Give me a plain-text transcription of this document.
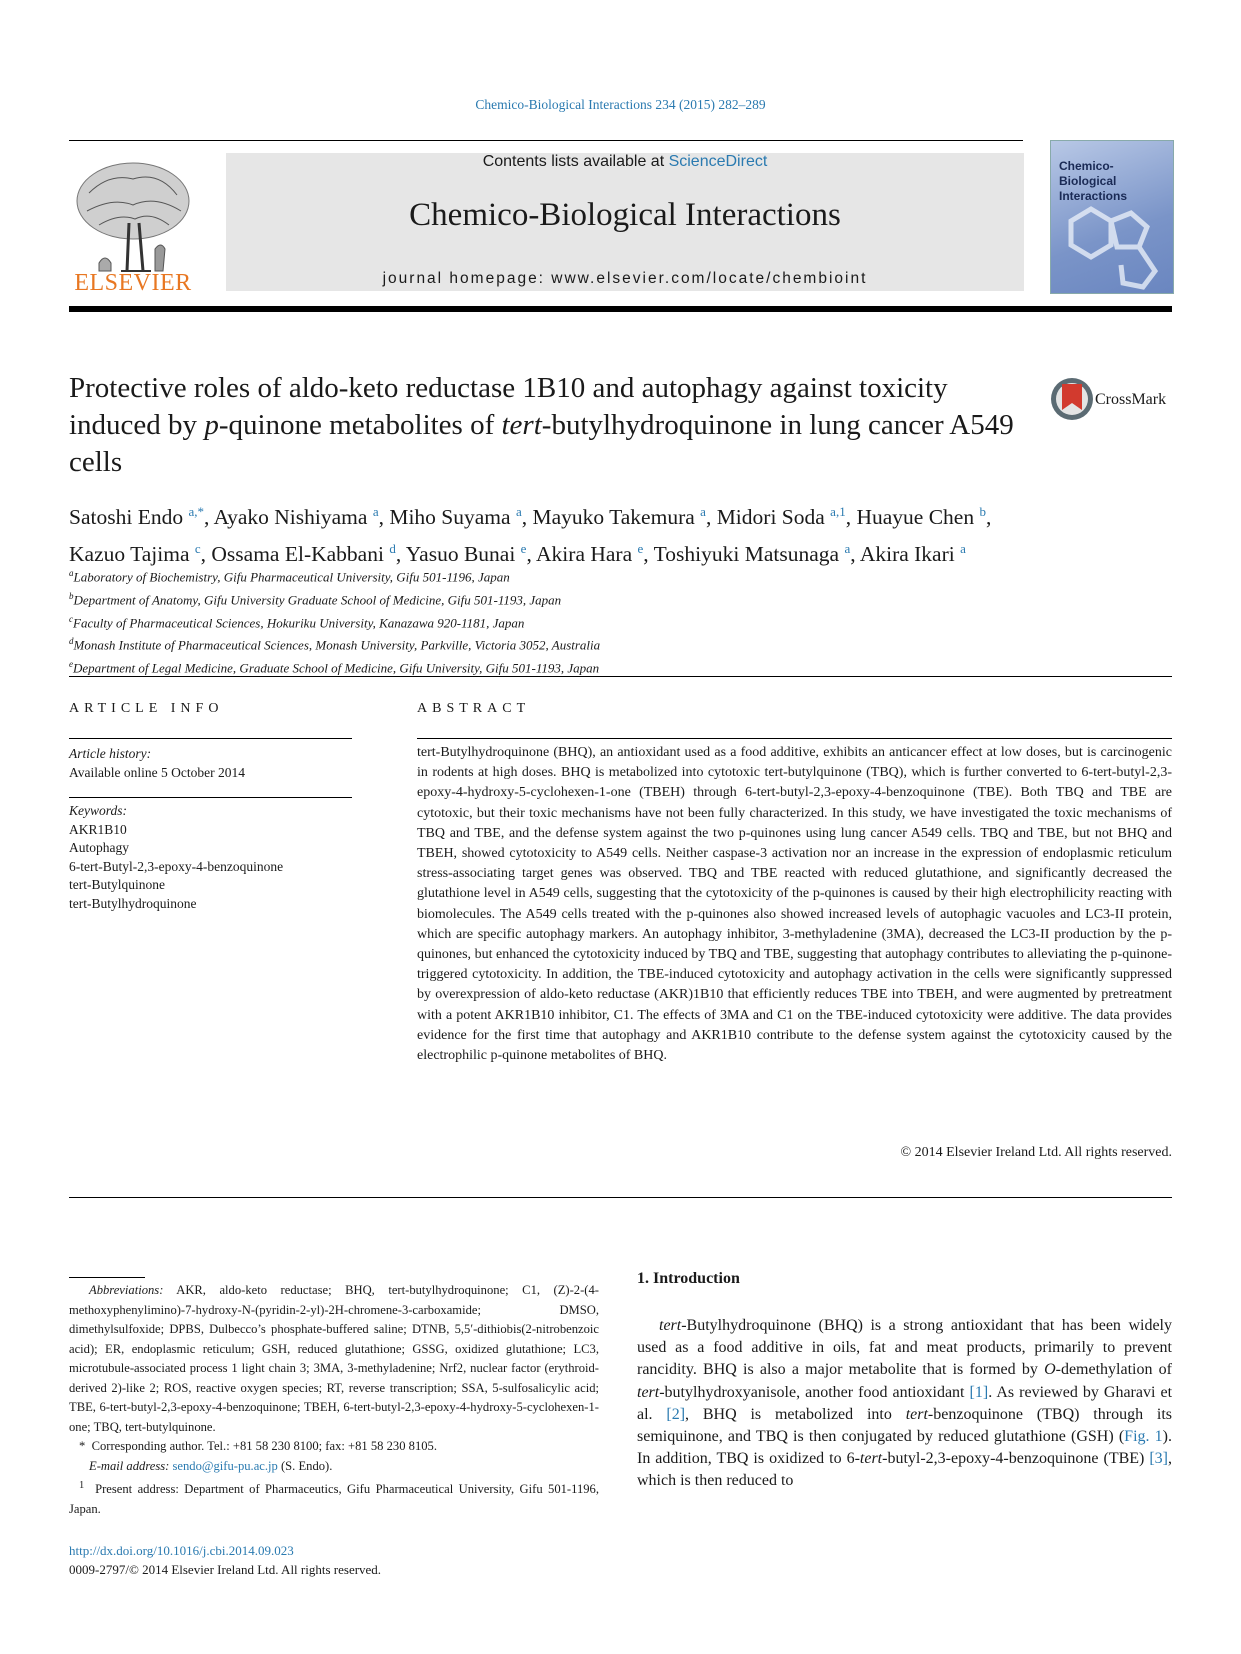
Chemico-Biological Interactions 234 (2015) 282–289
ELSEVIER
Contents lists available at ScienceDirect
Chemico-Biological Interactions
journal homepage: www.elsevier.com/locate/chembioint
Chemico-Biological Interactions
Protective roles of aldo-keto reductase 1B10 and autophagy against toxicity induced by p-quinone metabolites of tert-butylhydroquinone in lung cancer A549 cells
CrossMark
Satoshi Endo $^{a,*}$, Ayako Nishiyama $^a$, Miho Suyama $^a$, Mayuko Takemura $^a$, Midori Soda $^{a,1}$, Huayue Chen $^b$,
Kazuo Tajima $^c$, Ossama El-Kabbani $^d$, Yasuo Bunai $^e$, Akira Hara $^e$, Toshiyuki Matsunaga $^a$, Akira Ikari $^a$
$^a$Laboratory of Biochemistry, Gifu Pharmaceutical University, Gifu 501-1196, Japan
$^b$Department of Anatomy, Gifu University Graduate School of Medicine, Gifu 501-1193, Japan
$^c$Faculty of Pharmaceutical Sciences, Hokuriku University, Kanazawa 920-1181, Japan
$^d$Monash Institute of Pharmaceutical Sciences, Monash University, Parkville, Victoria 3052, Australia
$^e$Department of Legal Medicine, Graduate School of Medicine, Gifu University, Gifu 501-1193, Japan
ARTICLE INFO
Article history:
Available online 5 October 2014
Keywords:
AKR1B10
Autophagy
6-tert-Butyl-2,3-epoxy-4-benzoquinone
tert-Butylquinone
tert-Butylhydroquinone
ABSTRACT
tert-Butylhydroquinone (BHQ), an antioxidant used as a food additive, exhibits an anticancer effect at low doses, but is carcinogenic in rodents at high doses. BHQ is metabolized into cytotoxic tert-butylquinone (TBQ), which is further converted to 6-tert-butyl-2,3-epoxy-4-hydroxy-5-cyclohexen-1-one (TBEH) through 6-tert-butyl-2,3-epoxy-4-benzoquinone (TBE). Both TBQ and TBE are cytotoxic, but their toxic mechanisms have not been fully characterized. In this study, we have investigated the toxic mechanisms of TBQ and TBE, and the defense system against the two p-quinones using lung cancer A549 cells. TBQ and TBE, but not BHQ and TBEH, showed cytotoxicity to A549 cells. Neither caspase-3 activation nor an increase in the expression of endoplasmic reticulum stress-associating target genes was observed. TBQ and TBE reacted with reduced glutathione, and significantly decreased the glutathione level in A549 cells, suggesting that the cytotoxicity of the p-quinones is caused by their high electrophilicity reacting with biomolecules. The A549 cells treated with the p-quinones also showed increased levels of autophagic vacuoles and LC3-II protein, which are specific autophagy markers. An autophagy inhibitor, 3-methyladenine (3MA), decreased the LC3-II production by the p-quinones, but enhanced the cytotoxicity induced by TBQ and TBE, suggesting that autophagy contributes to alleviating the p-quinone-triggered cytotoxicity. In addition, the TBE-induced cytotoxicity and autophagy activation in the cells were significantly suppressed by overexpression of aldo-keto reductase (AKR)1B10 that efficiently reduces TBE into TBEH, and were augmented by pretreatment with a potent AKR1B10 inhibitor, C1. The effects of 3MA and C1 on the TBE-induced cytotoxicity were additive. The data provides evidence for the first time that autophagy and AKR1B10 contribute to the defense system against the cytotoxicity caused by the electrophilic p-quinone metabolites of BHQ.
© 2014 Elsevier Ireland Ltd. All rights reserved.
Abbreviations: AKR, aldo-keto reductase; BHQ, tert-butylhydroquinone; C1, (Z)-2-(4-methoxyphenylimino)-7-hydroxy-N-(pyridin-2-yl)-2H-chromene-3-carboxamide; DMSO, dimethylsulfoxide; DPBS, Dulbecco’s phosphate-buffered saline; DTNB, 5,5′-dithiobis(2-nitrobenzoic acid); ER, endoplasmic reticulum; GSH, reduced glutathione; GSSG, oxidized glutathione; LC3, microtubule-associated process 1 light chain 3; 3MA, 3-methyladenine; Nrf2, nuclear factor (erythroid-derived 2)-like 2; ROS, reactive oxygen species; RT, reverse transcription; SSA, 5-sulfosalicylic acid; TBE, 6-tert-butyl-2,3-epoxy-4-benzoquinone; TBEH, 6-tert-butyl-2,3-epoxy-4-hydroxy-5-cyclohexen-1-one; TBQ, tert-butylquinone.
* Corresponding author. Tel.: +81 58 230 8100; fax: +81 58 230 8105.
E-mail address: sendo@gifu-pu.ac.jp (S. Endo).
$^1$ Present address: Department of Pharmaceutics, Gifu Pharmaceutical University, Gifu 501-1196, Japan.
http://dx.doi.org/10.1016/j.cbi.2014.09.023
0009-2797/© 2014 Elsevier Ireland Ltd. All rights reserved.
1. Introduction
tert-Butylhydroquinone (BHQ) is a strong antioxidant that has been widely used as a food additive in oils, fat and meat products, primarily to prevent rancidity. BHQ is also a major metabolite that is formed by O-demethylation of tert-butylhydroxyanisole, another food antioxidant [1]. As reviewed by Gharavi et al. [2], BHQ is metabolized into tert-benzoquinone (TBQ) through its semiquinone, and TBQ is then conjugated by reduced glutathione (GSH) (Fig. 1). In addition, TBQ is oxidized to 6-tert-butyl-2,3-epoxy-4-benzoquinone (TBE) [3], which is then reduced to
